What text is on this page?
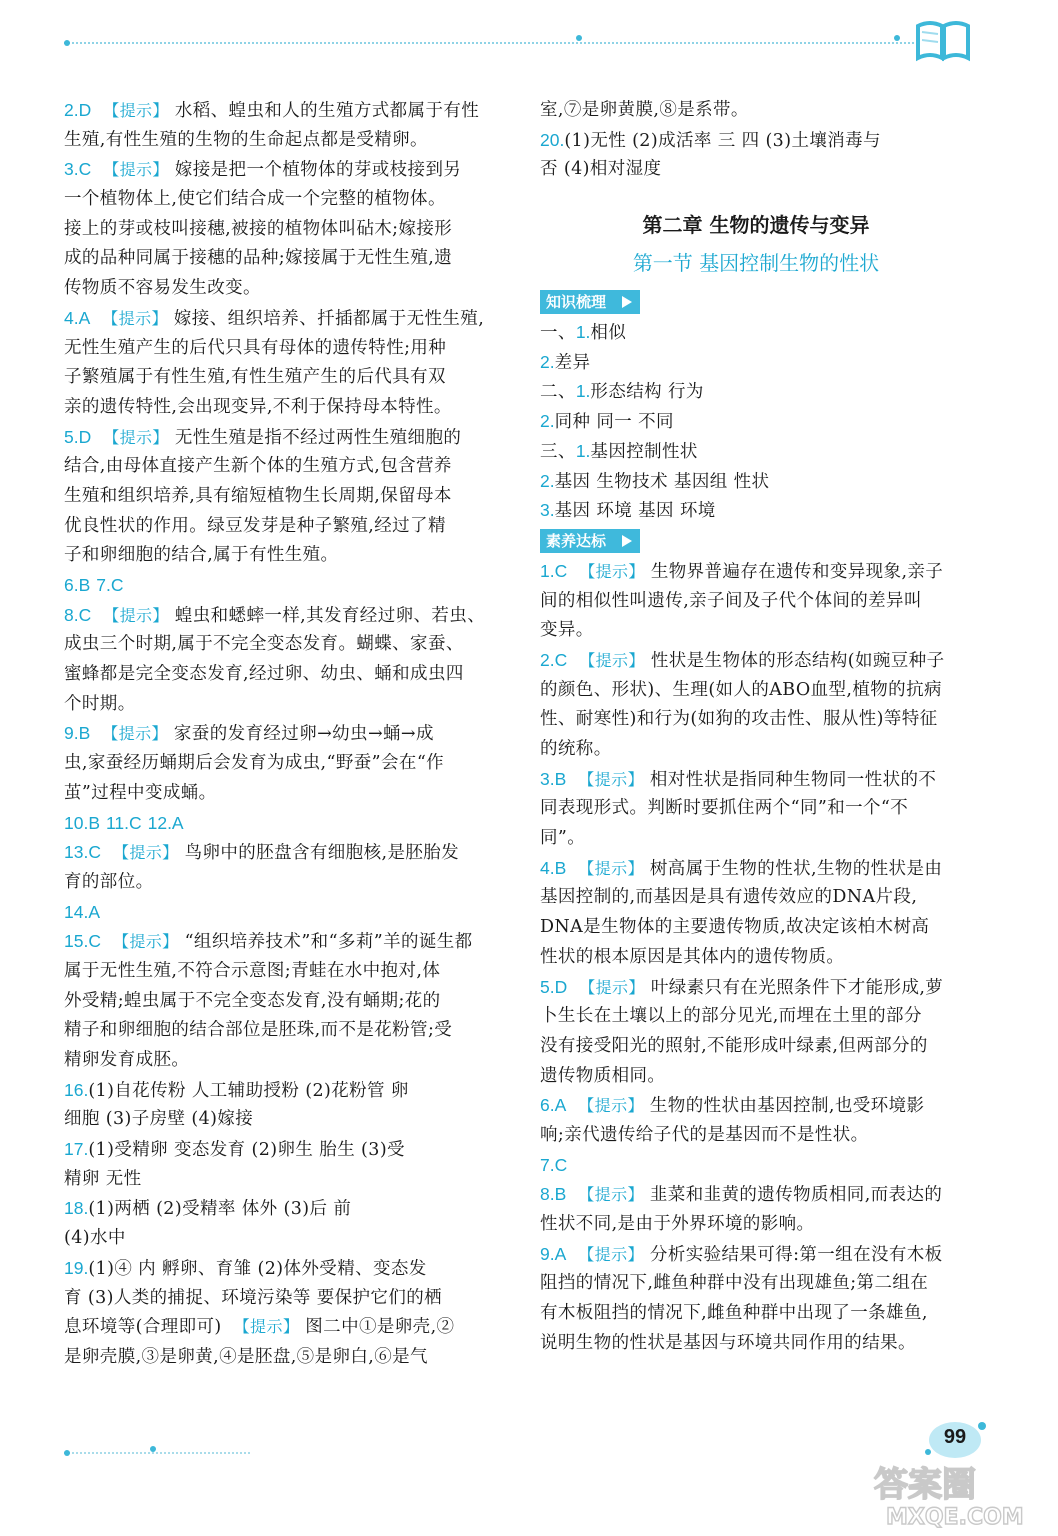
2.D 【提示】 水稻、蝗虫和人的生殖方式都属于有性
生殖,有性生殖的生物的生命起点都是受精卵。
3.C 【提示】 嫁接是把一个植物体的芽或枝接到另
一个植物体上,使它们结合成一个完整的植物体。
接上的芽或枝叫接穗,被接的植物体叫砧木;嫁接形
成的品种同属于接穗的品种;嫁接属于无性生殖,遗
传物质不容易发生改变。
4.A 【提示】 嫁接、组织培养、扦插都属于无性生殖,
无性生殖产生的后代只具有母体的遗传特性;用种
子繁殖属于有性生殖,有性生殖产生的后代具有双
亲的遗传特性,会出现变异,不利于保持母本特性。
5.D 【提示】 无性生殖是指不经过两性生殖细胞的
结合,由母体直接产生新个体的生殖方式,包含营养
生殖和组织培养,具有缩短植物生长周期,保留母本
优良性状的作用。绿豆发芽是种子繁殖,经过了精
子和卵细胞的结合,属于有性生殖。
6.B 7.C
8.C 【提示】 蝗虫和蟋蟀一样,其发育经过卵、若虫、
成虫三个时期,属于不完全变态发育。蝴蝶、家蚕、
蜜蜂都是完全变态发育,经过卵、幼虫、蛹和成虫四
个时期。
9.B 【提示】 家蚕的发育经过卵→幼虫→蛹→成
虫,家蚕经历蛹期后会发育为成虫,“野蚕”会在“作
茧”过程中变成蛹。
10.B 11.C 12.A
13.C 【提示】 鸟卵中的胚盘含有细胞核,是胚胎发
育的部位。
14.A
15.C 【提示】 “组织培养技术”和“多莉”羊的诞生都
属于无性生殖,不符合示意图;青蛙在水中抱对,体
外受精;蝗虫属于不完全变态发育,没有蛹期;花的
精子和卵细胞的结合部位是胚珠,而不是花粉管;受
精卵发育成胚。
16.(1)自花传粉 人工辅助授粉 (2)花粉管 卵
细胞 (3)子房壁 (4)嫁接
17.(1)受精卵 变态发育 (2)卵生 胎生 (3)受
精卵 无性
18.(1)两栖 (2)受精率 体外 (3)后 前
(4)水中
19.(1)④ 内 孵卵、育雏 (2)体外受精、变态发
育 (3)人类的捕捉、环境污染等 要保护它们的栖
息环境等(合理即可) 【提示】 图二中①是卵壳,②
是卵壳膜,③是卵黄,④是胚盘,⑤是卵白,⑥是气
室,⑦是卵黄膜,⑧是系带。
20.(1)无性 (2)成活率 三 四 (3)土壤消毒与
否 (4)相对湿度
第二章 生物的遗传与变异
第一节 基因控制生物的性状
知识梳理
一、1.相似
2.差异
二、1.形态结构 行为
2.同种 同一 不同
三、1.基因控制性状
2.基因 生物技术 基因组 性状
3.基因 环境 基因 环境
素养达标
1.C 【提示】 生物界普遍存在遗传和变异现象,亲子
间的相似性叫遗传,亲子间及子代个体间的差异叫
变异。
2.C 【提示】 性状是生物体的形态结构(如豌豆种子
的颜色、形状)、生理(如人的ABO血型,植物的抗病
性、耐寒性)和行为(如狗的攻击性、服从性)等特征
的统称。
3.B 【提示】 相对性状是指同种生物同一性状的不
同表现形式。判断时要抓住两个“同”和一个“不
同”。
4.B 【提示】 树高属于生物的性状,生物的性状是由
基因控制的,而基因是具有遗传效应的DNA片段,
DNA是生物体的主要遗传物质,故决定该柏木树高
性状的根本原因是其体内的遗传物质。
5.D 【提示】 叶绿素只有在光照条件下才能形成,萝
卜生长在土壤以上的部分见光,而埋在土里的部分
没有接受阳光的照射,不能形成叶绿素,但两部分的
遗传物质相同。
6.A 【提示】 生物的性状由基因控制,也受环境影
响;亲代遗传给子代的是基因而不是性状。
7.C
8.B 【提示】 韭菜和韭黄的遗传物质相同,而表达的
性状不同,是由于外界环境的影响。
9.A 【提示】 分析实验结果可得:第一组在没有木板
阻挡的情况下,雌鱼种群中没有出现雄鱼;第二组在
有木板阻挡的情况下,雌鱼种群中出现了一条雄鱼,
说明生物的性状是基因与环境共同作用的结果。
99
答案圈
MXQE.COM
